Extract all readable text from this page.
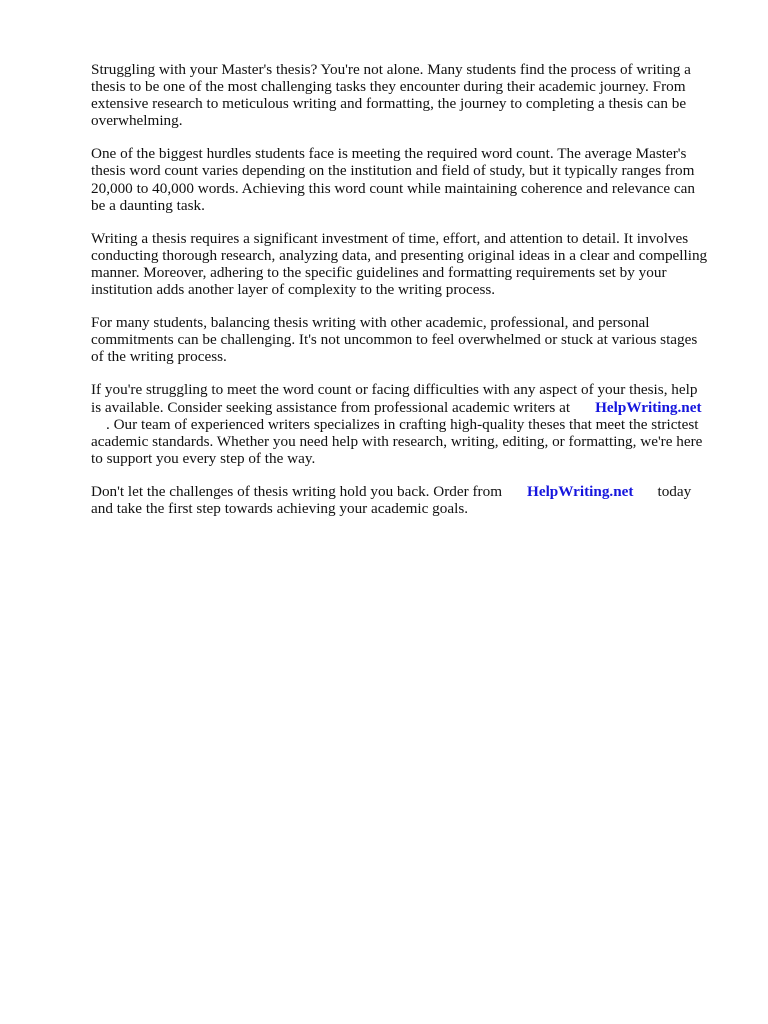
Struggling with your Master's thesis? You're not alone. Many students find the process of writing a
thesis to be one of the most challenging tasks they encounter during their academic journey. From
extensive research to meticulous writing and formatting, the journey to completing a thesis can be
overwhelming.

One of the biggest hurdles students face is meeting the required word count. The average Master's
thesis word count varies depending on the institution and field of study, but it typically ranges from
20,000 to 40,000 words. Achieving this word count while maintaining coherence and relevance can
be a daunting task.

Writing a thesis requires a significant investment of time, effort, and attention to detail. It involves
conducting thorough research, analyzing data, and presenting original ideas in a clear and compelling
manner. Moreover, adhering to the specific guidelines and formatting requirements set by your
institution adds another layer of complexity to the writing process.

For many students, balancing thesis writing with other academic, professional, and personal
commitments can be challenging. It's not uncommon to feel overwhelmed or stuck at various stages
of the writing process.

If you're struggling to meet the word count or facing difficulties with any aspect of your thesis, help
is available. Consider seeking assistance from professional academic writers at HelpWriting.net
. Our team of experienced writers specializes in crafting high-quality theses that meet the strictest
academic standards. Whether you need help with research, writing, editing, or formatting, we're here
to support you every step of the way.

Don't let the challenges of thesis writing hold you back. Order from HelpWriting.net today
and take the first step towards achieving your academic goals.
